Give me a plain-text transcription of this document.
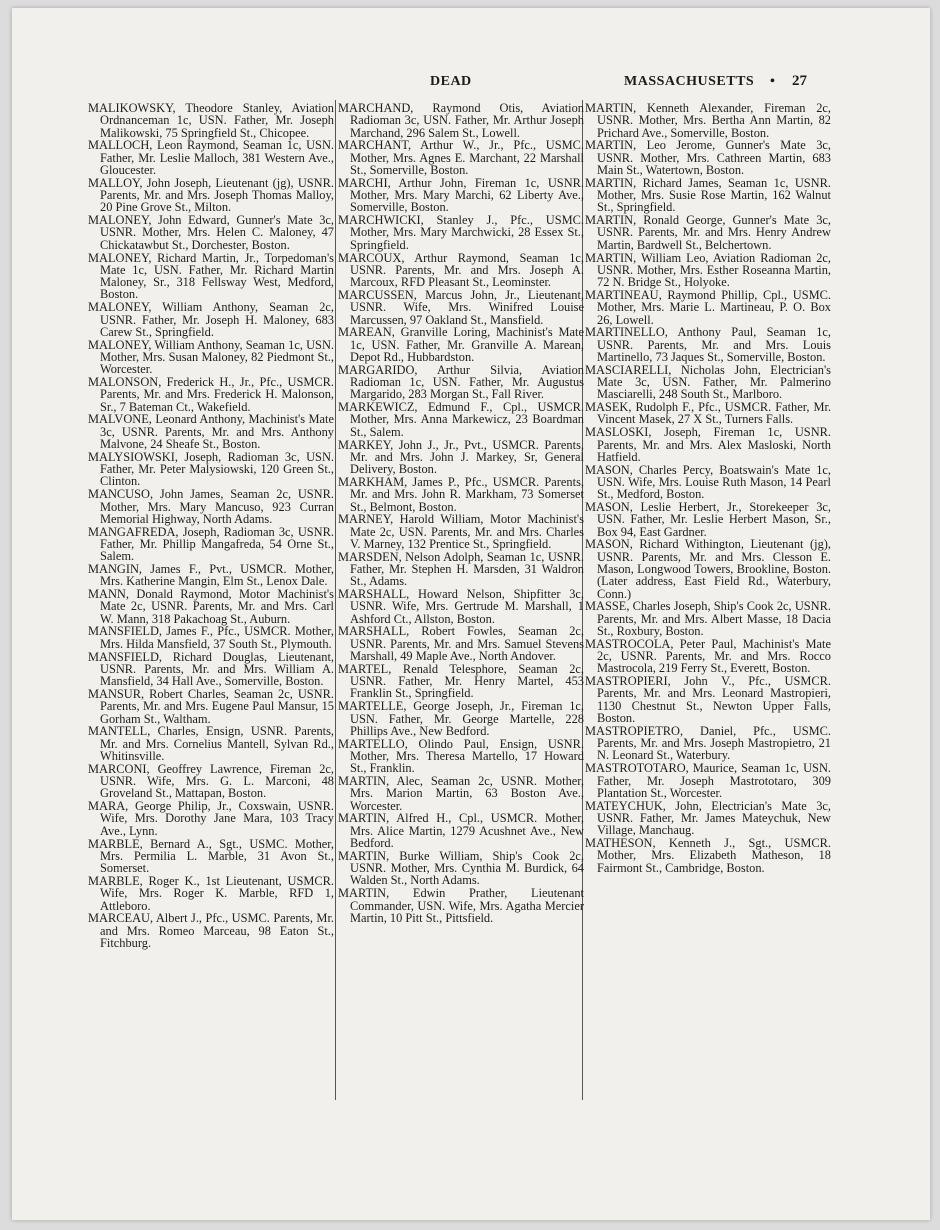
DEAD	MASSACHUSETTS • 27

MALIKOWSKY, Theodore Stanley, Aviation Ordnanceman 1c, USN. Father, Mr. Joseph Malikowski, 75 Springfield St., Chicopee.

MALLOCH, Leon Raymond, Seaman 1c, USN. Father, Mr. Leslie Malloch, 381 Western Ave., Gloucester.

MALLOY, John Joseph, Lieutenant (jg), USNR. Parents, Mr. and Mrs. Joseph Thomas Malloy, 20 Pine Grove St., Milton.

MALONEY, John Edward, Gunner's Mate 3c, USNR. Mother, Mrs. Helen C. Maloney, 47 Chickatawbut St., Dorchester, Boston.

MALONEY, Richard Martin, Jr., Torpedoman's Mate 1c, USN. Father, Mr. Richard Martin Maloney, Sr., 318 Fellsway West, Medford, Boston.

MALONEY, William Anthony, Seaman 2c, USNR. Father, Mr. Joseph H. Maloney, 683 Carew St., Springfield.

MALONEY, William Anthony, Seaman 1c, USN. Mother, Mrs. Susan Maloney, 82 Piedmont St., Worcester.

MALONSON, Frederick H., Jr., Pfc., USMCR. Parents, Mr. and Mrs. Frederick H. Malonson, Sr., 7 Bateman Ct., Wakefield.

MALVONE, Leonard Anthony, Machinist's Mate 3c, USNR. Parents, Mr. and Mrs. Anthony Malvone, 24 Sheafe St., Boston.

MALYSIOWSKI, Joseph, Radioman 3c, USN. Father, Mr. Peter Malysiowski, 120 Green St., Clinton.

MANCUSO, John James, Seaman 2c, USNR. Mother, Mrs. Mary Mancuso, 923 Curran Memorial Highway, North Adams.

MANGAFREDA, Joseph, Radioman 3c, USNR. Father, Mr. Phillip Mangafreda, 54 Orne St., Salem.

MANGIN, James F., Pvt., USMCR. Mother, Mrs. Katherine Mangin, Elm St., Lenox Dale.

MANN, Donald Raymond, Motor Machinist's Mate 2c, USNR. Parents, Mr. and Mrs. Carl W. Mann, 318 Pakachoag St., Auburn.

MANSFIELD, James F., Pfc., USMCR. Mother, Mrs. Hilda Mansfield, 37 South St., Plymouth.

MANSFIELD, Richard Douglas, Lieutenant, USNR. Parents, Mr. and Mrs. William A. Mansfield, 34 Hall Ave., Somerville, Boston.

MANSUR, Robert Charles, Seaman 2c, USNR. Parents, Mr. and Mrs. Eugene Paul Mansur, 15 Gorham St., Waltham.

MANTELL, Charles, Ensign, USNR. Parents, Mr. and Mrs. Cornelius Mantell, Sylvan Rd., Whitinsville.

MARCONI, Geoffrey Lawrence, Fireman 2c, USNR. Wife, Mrs. G. L. Marconi, 48 Groveland St., Mattapan, Boston.

MARA, George Philip, Jr., Coxswain, USNR. Wife, Mrs. Dorothy Jane Mara, 103 Tracy Ave., Lynn.

MARBLE, Bernard A., Sgt., USMC. Mother, Mrs. Permilia L. Marble, 31 Avon St., Somerset.

MARBLE, Roger K., 1st Lieutenant, USMCR. Wife, Mrs. Roger K. Marble, RFD 1, Attleboro.

MARCEAU, Albert J., Pfc., USMC. Parents, Mr. and Mrs. Romeo Marceau, 98 Eaton St., Fitchburg.

MARCHAND, Raymond Otis, Aviation Radioman 3c, USN. Father, Mr. Arthur Joseph Marchand, 296 Salem St., Lowell.

MARCHANT, Arthur W., Jr., Pfc., USMC. Mother, Mrs. Agnes E. Marchant, 22 Marshall St., Somerville, Boston.

MARCHI, Arthur John, Fireman 1c, USNR. Mother, Mrs. Mary Marchi, 62 Liberty Ave., Somerville, Boston.

MARCHWICKI, Stanley J., Pfc., USMC. Mother, Mrs. Mary Marchwicki, 28 Essex St., Springfield.

MARCOUX, Arthur Raymond, Seaman 1c, USNR. Parents, Mr. and Mrs. Joseph A. Marcoux, RFD Pleasant St., Leominster.

MARCUSSEN, Marcus John, Jr., Lieutenant, USNR. Wife, Mrs. Winifred Louise Marcussen, 97 Oakland St., Mansfield.

MAREAN, Granville Loring, Machinist's Mate 1c, USN. Father, Mr. Granville A. Marean, Depot Rd., Hubbardston.

MARGARIDO, Arthur Silvia, Aviation Radioman 1c, USN. Father, Mr. Augustus Margarido, 283 Morgan St., Fall River.

MARKEWICZ, Edmund F., Cpl., USMCR. Mother, Mrs. Anna Markewicz, 23 Boardman St., Salem.

MARKEY, John J., Jr., Pvt., USMCR. Parents, Mr. and Mrs. John J. Markey, Sr, General Delivery, Boston.

MARKHAM, James P., Pfc., USMCR. Parents, Mr. and Mrs. John R. Markham, 73 Somerset St., Belmont, Boston.

MARNEY, Harold William, Motor Machinist's Mate 2c, USN. Parents, Mr. and Mrs. Charles V. Marney, 132 Prentice St., Springfield.

MARSDEN, Nelson Adolph, Seaman 1c, USNR. Father, Mr. Stephen H. Marsden, 31 Waldron St., Adams.

MARSHALL, Howard Nelson, Shipfitter 3c, USNR. Wife, Mrs. Gertrude M. Marshall, 1 Ashford Ct., Allston, Boston.

MARSHALL, Robert Fowles, Seaman 2c, USNR. Parents, Mr. and Mrs. Samuel Stevens Marshall, 49 Maple Ave., North Andover.

MARTEL, Renald Telesphore, Seaman 2c, USNR. Father, Mr. Henry Martel, 453 Franklin St., Springfield.

MARTELLE, George Joseph, Jr., Fireman 1c, USN. Father, Mr. George Martelle, 228 Phillips Ave., New Bedford.

MARTELLO, Olindo Paul, Ensign, USNR. Mother, Mrs. Theresa Martello, 17 Howard St., Franklin.

MARTIN, Alec, Seaman 2c, USNR. Mother, Mrs. Marion Martin, 63 Boston Ave., Worcester.

MARTIN, Alfred H., Cpl., USMCR. Mother, Mrs. Alice Martin, 1279 Acushnet Ave., New Bedford.

MARTIN, Burke William, Ship's Cook 2c, USNR. Mother, Mrs. Cynthia M. Burdick, 64 Walden St., North Adams.

MARTIN, Edwin Prather, Lieutenant Commander, USN. Wife, Mrs. Agatha Mercier Martin, 10 Pitt St., Pittsfield.

MARTIN, Kenneth Alexander, Fireman 2c, USNR. Mother, Mrs. Bertha Ann Martin, 82 Prichard Ave., Somerville, Boston.

MARTIN, Leo Jerome, Gunner's Mate 3c, USNR. Mother, Mrs. Cathreen Martin, 683 Main St., Watertown, Boston.

MARTIN, Richard James, Seaman 1c, USNR. Mother, Mrs. Susie Rose Martin, 162 Walnut St., Springfield.

MARTIN, Ronald George, Gunner's Mate 3c, USNR. Parents, Mr. and Mrs. Henry Andrew Martin, Bardwell St., Belchertown.

MARTIN, William Leo, Aviation Radioman 2c, USNR. Mother, Mrs. Esther Roseanna Martin, 72 N. Bridge St., Holyoke.

MARTINEAU, Raymond Phillip, Cpl., USMC. Mother, Mrs. Marie L. Martineau, P. O. Box 26, Lowell.

MARTINELLO, Anthony Paul, Seaman 1c, USNR. Parents, Mr. and Mrs. Louis Martinello, 73 Jaques St., Somerville, Boston.

MASCIARELLI, Nicholas John, Electrician's Mate 3c, USN. Father, Mr. Palmerino Masciarelli, 248 South St., Marlboro.

MASEK, Rudolph F., Pfc., USMCR. Father, Mr. Vincent Masek, 27 X St., Turners Falls.

MASLOSKI, Joseph, Fireman 1c, USNR. Parents, Mr. and Mrs. Alex Masloski, North Hatfield.

MASON, Charles Percy, Boatswain's Mate 1c, USN. Wife, Mrs. Louise Ruth Mason, 14 Pearl St., Medford, Boston.

MASON, Leslie Herbert, Jr., Storekeeper 3c, USN. Father, Mr. Leslie Herbert Mason, Sr., Box 94, East Gardner.

MASON, Richard Withington, Lieutenant (jg), USNR. Parents, Mr. and Mrs. Clesson E. Mason, Longwood Towers, Brookline, Boston. (Later address, East Field Rd., Waterbury, Conn.)

MASSE, Charles Joseph, Ship's Cook 2c, USNR. Parents, Mr. and Mrs. Albert Masse, 18 Dacia St., Roxbury, Boston.

MASTROCOLA, Peter Paul, Machinist's Mate 2c, USNR. Parents, Mr. and Mrs. Rocco Mastrocola, 219 Ferry St., Everett, Boston.

MASTROPIERI, John V., Pfc., USMCR. Parents, Mr. and Mrs. Leonard Mastropieri, 1130 Chestnut St., Newton Upper Falls, Boston.

MASTROPIETRO, Daniel, Pfc., USMC. Parents, Mr. and Mrs. Joseph Mastropietro, 21 N. Leonard St., Waterbury.

MASTROTOTARO, Maurice, Seaman 1c, USN. Father, Mr. Joseph Mastrototaro, 309 Plantation St., Worcester.

MATEYCHUK, John, Electrician's Mate 3c, USNR. Father, Mr. James Mateychuk, New Village, Manchaug.

MATHESON, Kenneth J., Sgt., USMCR. Mother, Mrs. Elizabeth Matheson, 18 Fairmont St., Cambridge, Boston.
